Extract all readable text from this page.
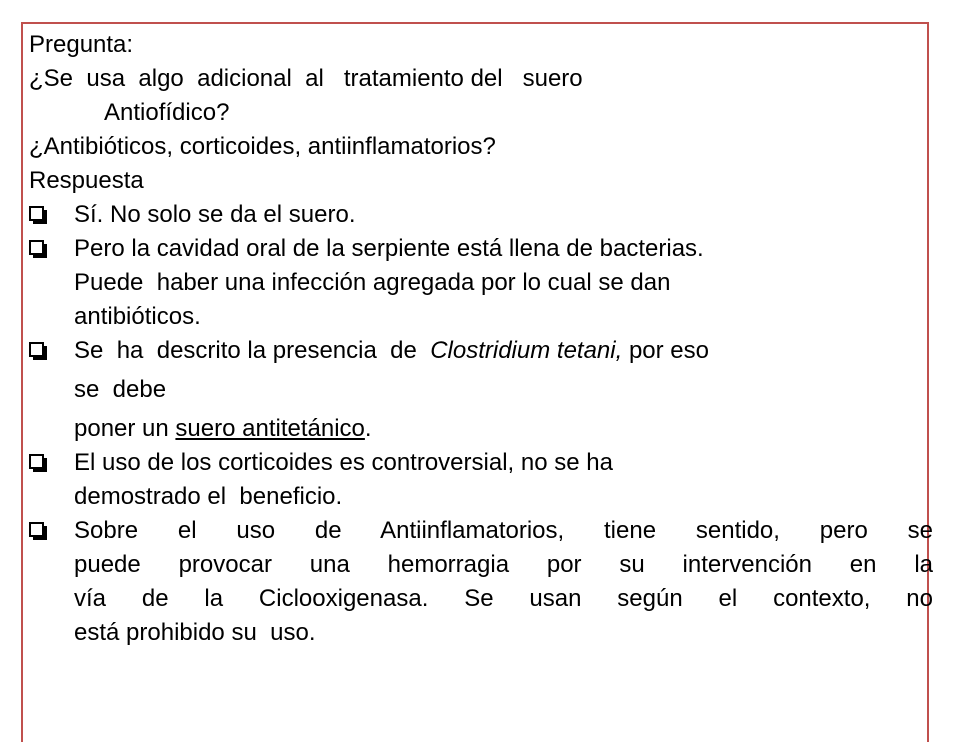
Pregunta:
¿Se  usa  algo  adicional  al   tratamiento del   suero
Antiofídico?
¿Antibióticos, corticoides, antiinflamatorios?
Respuesta
Sí. No solo se da el suero.
Pero la cavidad oral de la serpiente está llena de bacterias.
Puede  haber una infección agregada por lo cual se dan
antibióticos.
Se  ha  descrito la presencia  de  Clostridium tetani, por eso
se  debe
poner un suero antitetánico.
El uso de los corticoides es controversial, no se ha
demostrado el  beneficio.
Sobre el uso de Antiinflamatorios, tiene sentido, pero se
puede provocar una hemorragia por su intervención en la
vía de la Ciclooxigenasa. Se usan según el contexto, no
está prohibido su  uso.
